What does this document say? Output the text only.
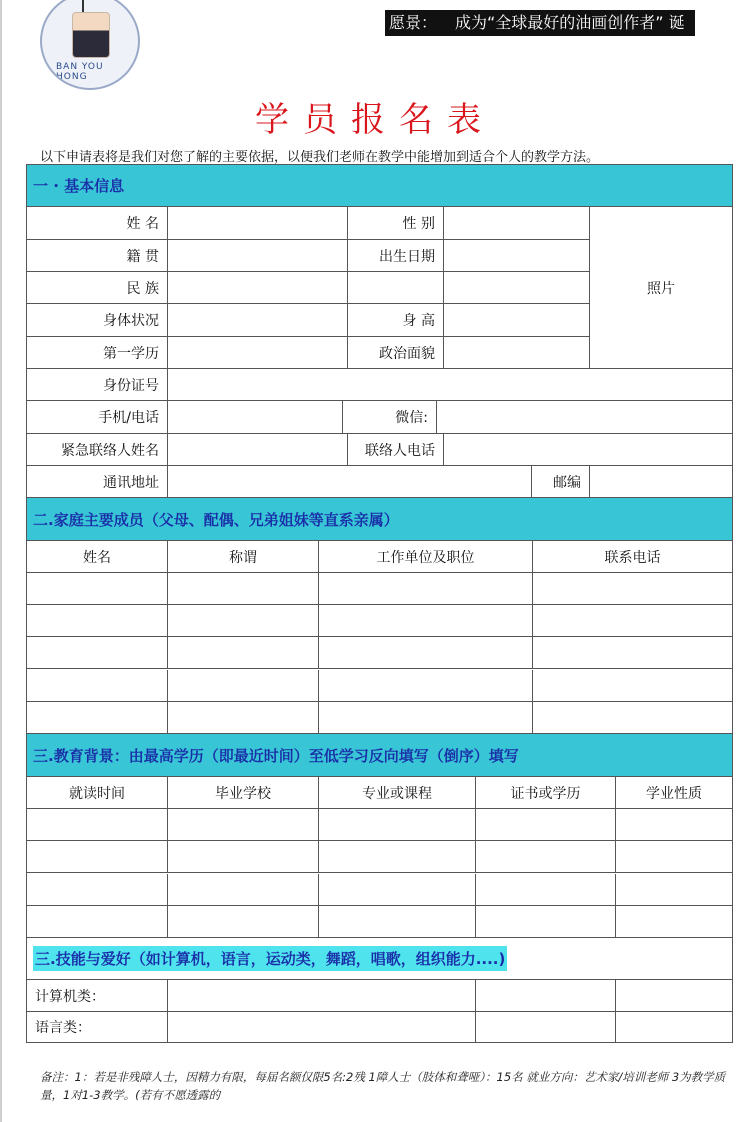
BAN YOU HONG
愿景： 成为“全球最好的油画创作者” 诞
学员报名表
以下申请表将是我们对您了解的主要依据，以便我们老师在教学中能增加到适合个人的教学方法。
一 · 基本信息
姓 名	性 别
照片
籍 贯	出生日期
民 族
身体状况	身 高
第一学历	政治面貌
身份证号
手机/电话	微信:
紧急联络人姓名	联络人电话
通讯地址	邮编
二.家庭主要成员（父母、配偶、兄弟姐妹等直系亲属）
姓名	称谓	工作单位及职位	联系电话
三.教育背景：由最高学历（即最近时间）至低学习反向填写（倒序）填写
就读时间	毕业学校	专业或课程	证书或学历	学业性质
三.技能与爱好（如计算机，语言，运动类，舞蹈，唱歌，组织能力....)
计算机类：
语言类：
备注：1：若是非残障人士，因精力有限，每届名额仅限5名:2残 1障人士（肢体和聋哑）：15名 就业方向：艺术家/培训老师 3为教学质量，1对1-3教学。(若有不愿透露的
